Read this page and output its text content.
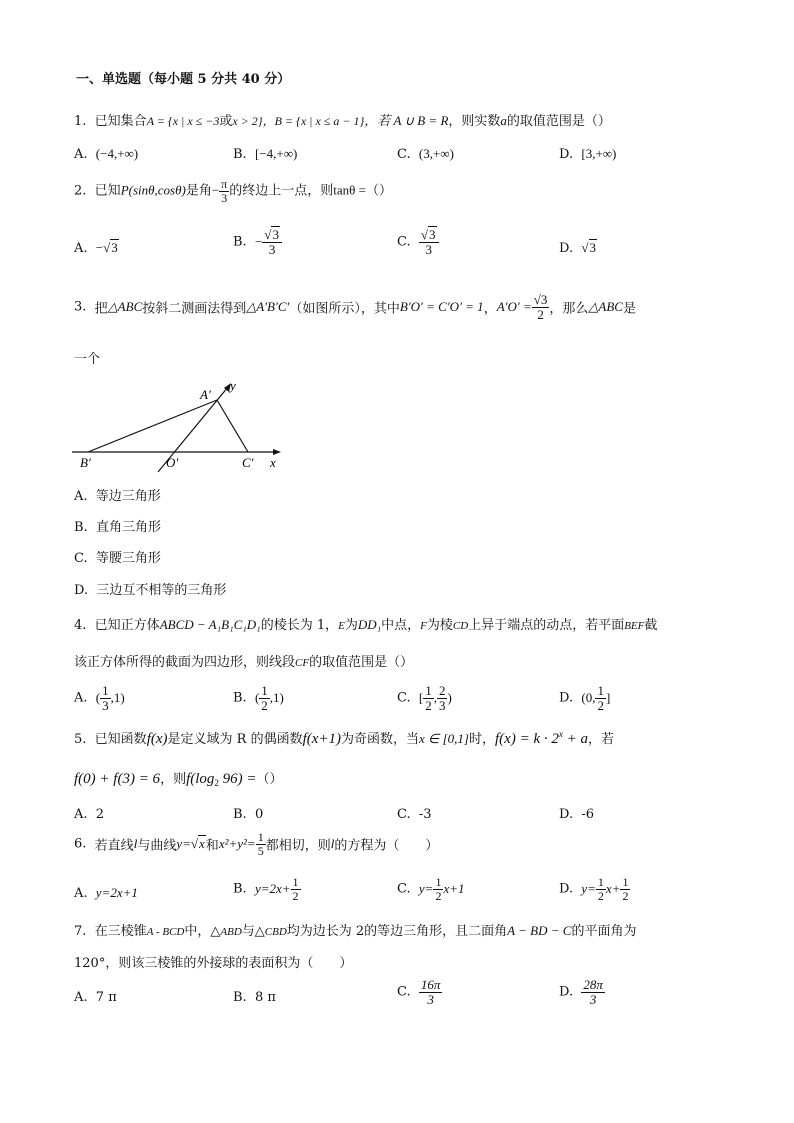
一、单选题（每小题 5 分共 40 分）
1. 已知集合A = {x | x ≤ −3或x > 2}，B = {x | x ≤ a − 1}，若 A ∪ B = R，则实数a的取值范围是（）
A. (−4,+∞)	B. [−4,+∞)	C. (3,+∞)	D. [3,+∞)
2. 已知P(sinθ,cosθ)是角− $\frac{\pi}{3}$ 的终边上一点，则tanθ =（）
A. −√3	B. − $\frac{√3}{3}$	C. $\frac{√3}{3}$	D. √3
3. 把△ABC按斜二测画法得到△A′B′C′（如图所示），其中B′O′ = C′O′ = 1，$A'O' = \frac{√3}{2}$ ，那么△ABC是
一个
A′
y
B′	O′	C′ x
A. 等边三角形
B. 直角三角形
C. 等腰三角形
D. 三边互不相等的三角形
4. 已知正方体ABCD − A₁B₁C₁D₁的棱长为 1，E为DD₁中点，F为棱CD上异于端点的动点，若平面BEF截
该正方体所得的截面为四边形，则线段CF的取值范围是（）
A. ( $\frac{1}{3} ,1$)	B. ( $\frac{1}{2} ,1$)	C. [ $\frac{1}{2}$ , $\frac{2}{3}$ )	D. (0, $\frac{1}{2}$ ]
5. 已知函数f(x)是定义域为 R 的偶函数f(x+1)为奇函数，当x ∈ [0,1]时，$f(x) = k \cdot 2^x + a$，若
f(0) + f(3) = 6，则$f(\log_2$ 96) =（）
A. 2	B. 0	C. -3	D. -6
6. 若直线l与曲线y=√x和$x^2+y^2= \frac{1}{5}$ 都相切，则l的方程为（　　）
A. y=2x+1	B. $y=2x+ \frac{1}{2}$	C. $y= \frac{1}{2} x+1$	D. $y= \frac{1}{2} x+ \frac{1}{2}$
7. 在三棱锥A - BCD中，△ABD与△CBD均为边长为 2的等边三角形，且二面角A − BD − C的平面角为
120°，则该三棱锥的外接球的表面积为（　　）
A. 7 π	B. 8 π	C. $\frac{16\pi}{3}$	D. $\frac{28\pi}{3}$
